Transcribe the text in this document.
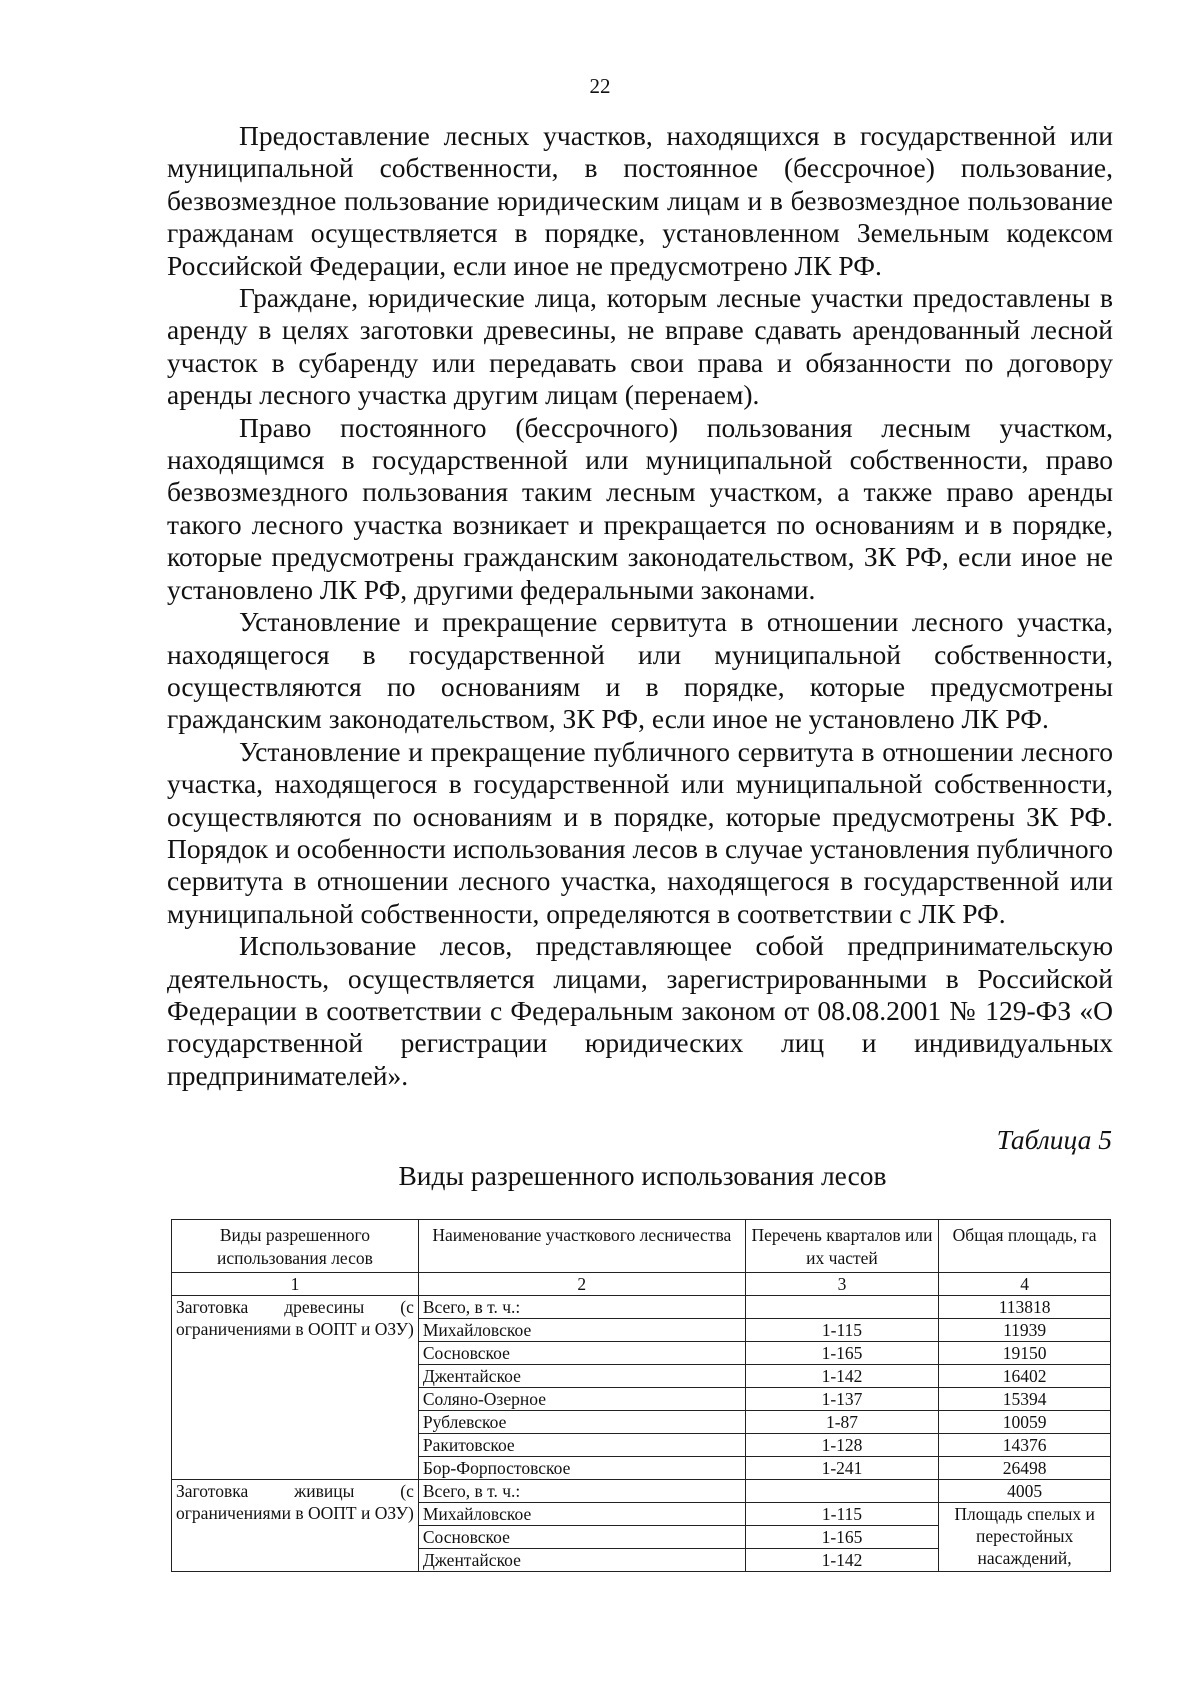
22

Предоставление лесных участков, находящихся в государственной или муниципальной собственности, в постоянное (бессрочное) пользование, безвозмездное пользование юридическим лицам и в безвозмездное пользование гражданам осуществляется в порядке, установленном Земельным кодексом Российской Федерации, если иное не предусмотрено ЛК РФ.

Граждане, юридические лица, которым лесные участки предоставлены в аренду в целях заготовки древесины, не вправе сдавать арендованный лесной участок в субаренду или передавать свои права и обязанности по договору аренды лесного участка другим лицам (перенаем).

Право постоянного (бессрочного) пользования лесным участком, находящимся в государственной или муниципальной собственности, право безвозмездного пользования таким лесным участком, а также право аренды такого лесного участка возникает и прекращается по основаниям и в порядке, которые предусмотрены гражданским законодательством, ЗК РФ, если иное не установлено ЛК РФ, другими федеральными законами.

Установление и прекращение сервитута в отношении лесного участка, находящегося в государственной или муниципальной собственности, осуществляются по основаниям и в порядке, которые предусмотрены гражданским законодательством, ЗК РФ, если иное не установлено ЛК РФ.

Установление и прекращение публичного сервитута в отношении лесного участка, находящегося в государственной или муниципальной собственности, осуществляются по основаниям и в порядке, которые предусмотрены ЗК РФ. Порядок и особенности использования лесов в случае установления публичного сервитута в отношении лесного участка, находящегося в государственной или муниципальной собственности, определяются в соответствии с ЛК РФ.

Использование лесов, представляющее собой предпринимательскую деятельность, осуществляется лицами, зарегистрированными в Российской Федерации в соответствии с Федеральным законом от 08.08.2001 № 129-ФЗ «О государственной регистрации юридических лиц и индивидуальных предпринимателей».

Таблица 5
Виды разрешенного использования лесов
Виды разрешенного использования лесов	Наименование участкового лесничества	Перечень кварталов или их частей	Общая площадь, га
1	2	3	4
Заготовка древесины (с ограничениями в ООПТ и ОЗУ)	Всего, в т. ч.:		113818
	Михайловское	1-115	11939
	Сосновское	1-165	19150
	Джентайское	1-142	16402
	Соляно-Озерное	1-137	15394
	Рублевское	1-87	10059
	Ракитовское	1-128	14376
	Бор-Форпостовское	1-241	26498
Заготовка живицы (с ограничениями в ООПТ и ОЗУ)	Всего, в т. ч.:		4005
	Михайловское	1-115	Площадь спелых и перестойных насаждений,
	Сосновское	1-165	
	Джентайское	1-142	
